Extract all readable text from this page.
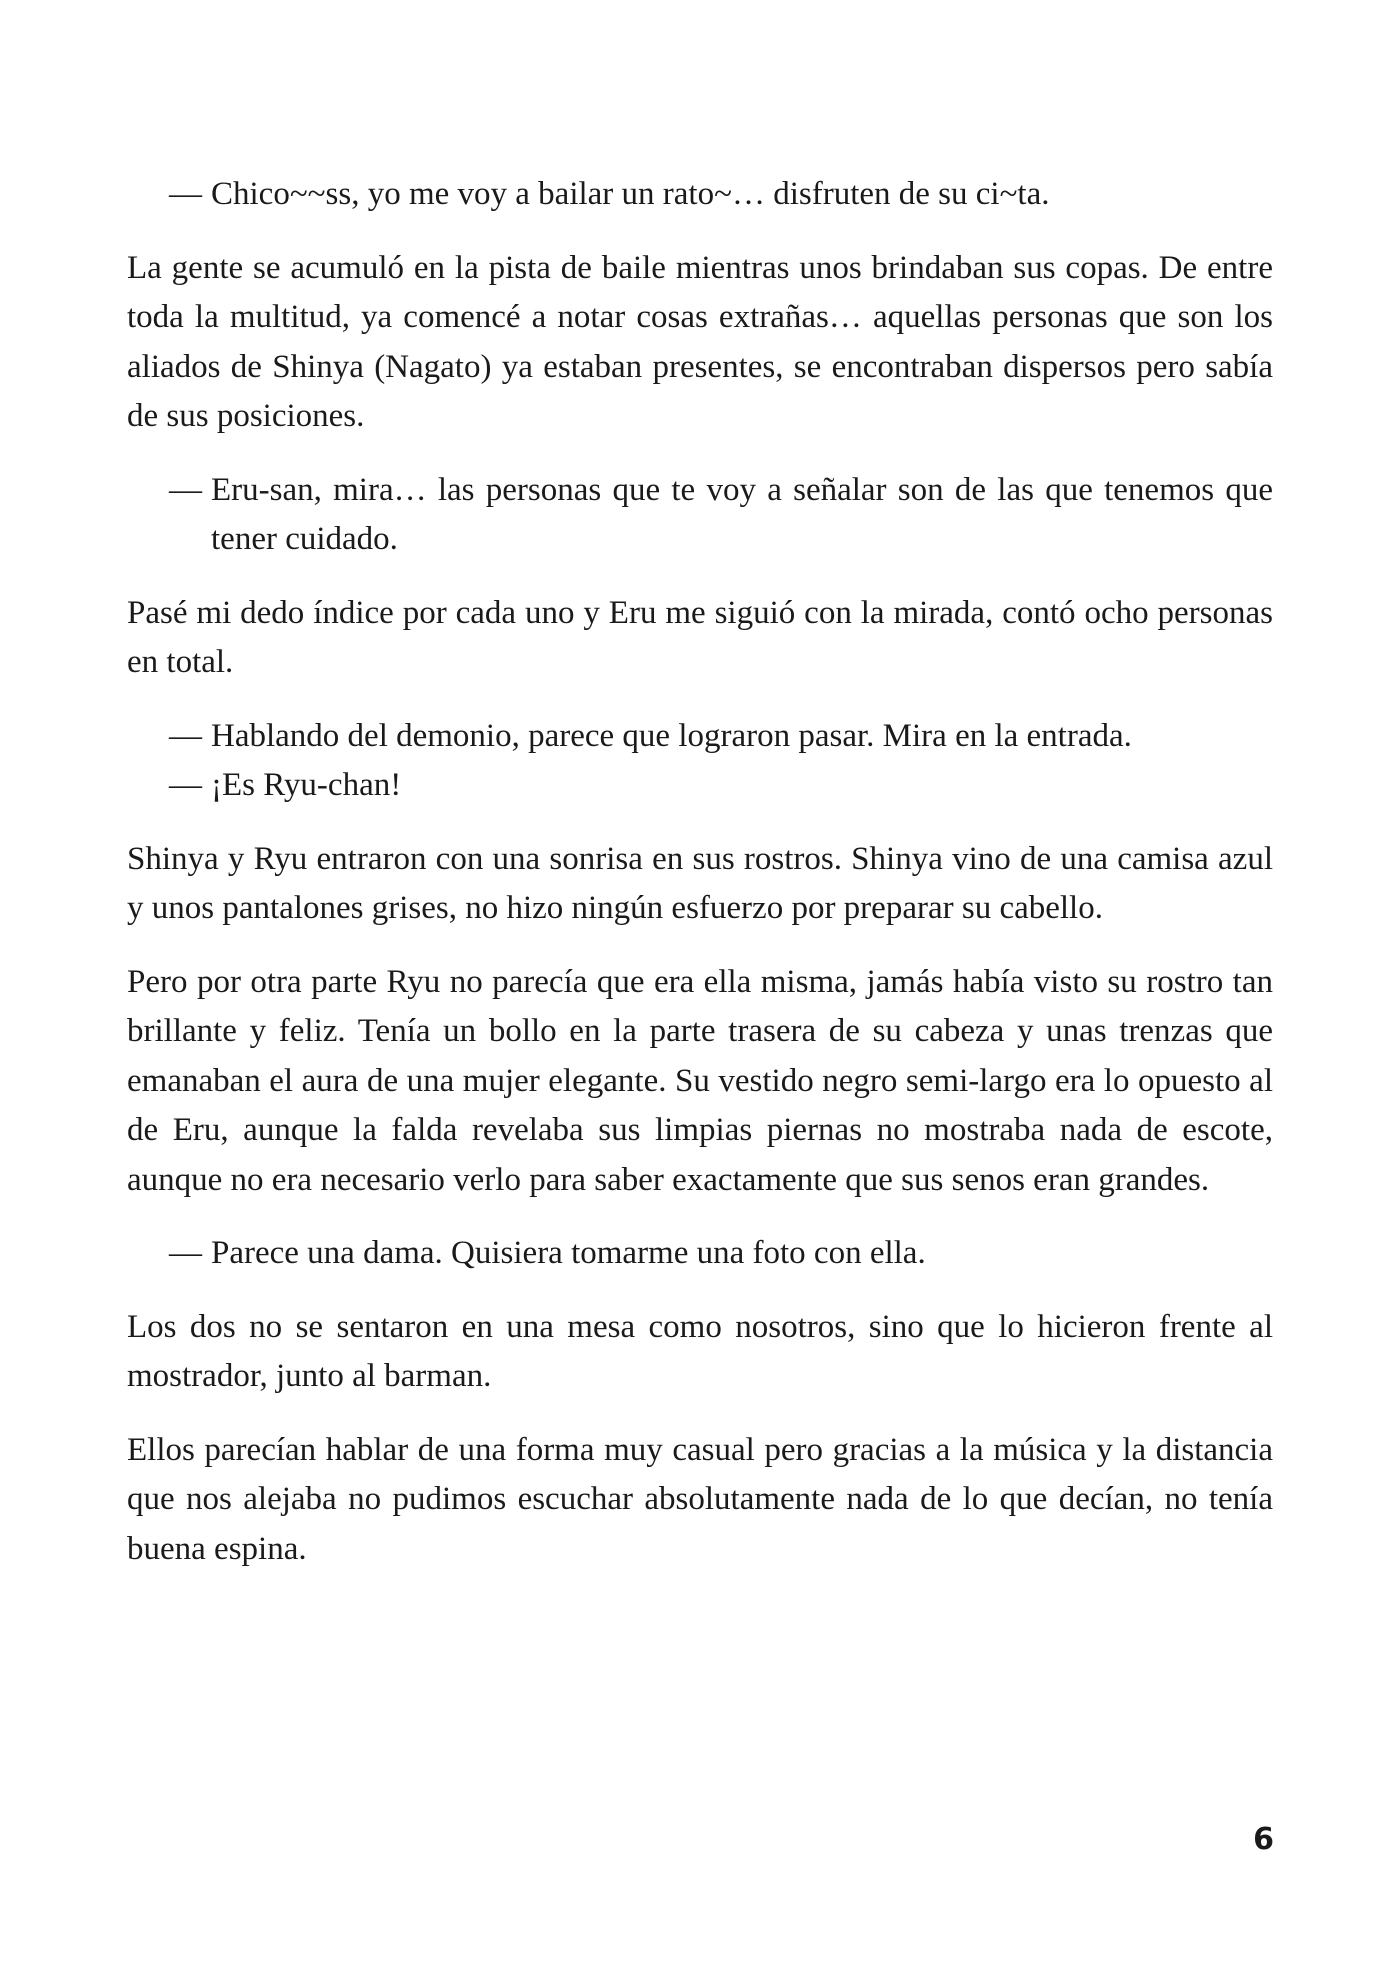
— Chico~~ss, yo me voy a bailar un rato~… disfruten de su ci~ta.

La gente se acumuló en la pista de baile mientras unos brindaban sus copas. De entre toda la multitud, ya comencé a notar cosas extrañas… aquellas personas que son los aliados de Shinya (Nagato) ya estaban presentes, se encontraban dispersos pero sabía de sus posiciones.

— Eru-san, mira… las personas que te voy a señalar son de las que tenemos que tener cuidado.

Pasé mi dedo índice por cada uno y Eru me siguió con la mirada, contó ocho personas en total.

— Hablando del demonio, parece que lograron pasar. Mira en la entrada.

— ¡Es Ryu-chan!

Shinya y Ryu entraron con una sonrisa en sus rostros. Shinya vino de una camisa azul y unos pantalones grises, no hizo ningún esfuerzo por preparar su cabello.

Pero por otra parte Ryu no parecía que era ella misma, jamás había visto su rostro tan brillante y feliz. Tenía un bollo en la parte trasera de su cabeza y unas trenzas que emanaban el aura de una mujer elegante. Su vestido negro semi-largo era lo opuesto al de Eru, aunque la falda revelaba sus limpias piernas no mostraba nada de escote, aunque no era necesario verlo para saber exactamente que sus senos eran grandes.

— Parece una dama. Quisiera tomarme una foto con ella.

Los dos no se sentaron en una mesa como nosotros, sino que lo hicieron frente al mostrador, junto al barman.

Ellos parecían hablar de una forma muy casual pero gracias a la música y la distancia que nos alejaba no pudimos escuchar absolutamente nada de lo que decían, no tenía buena espina.

6
